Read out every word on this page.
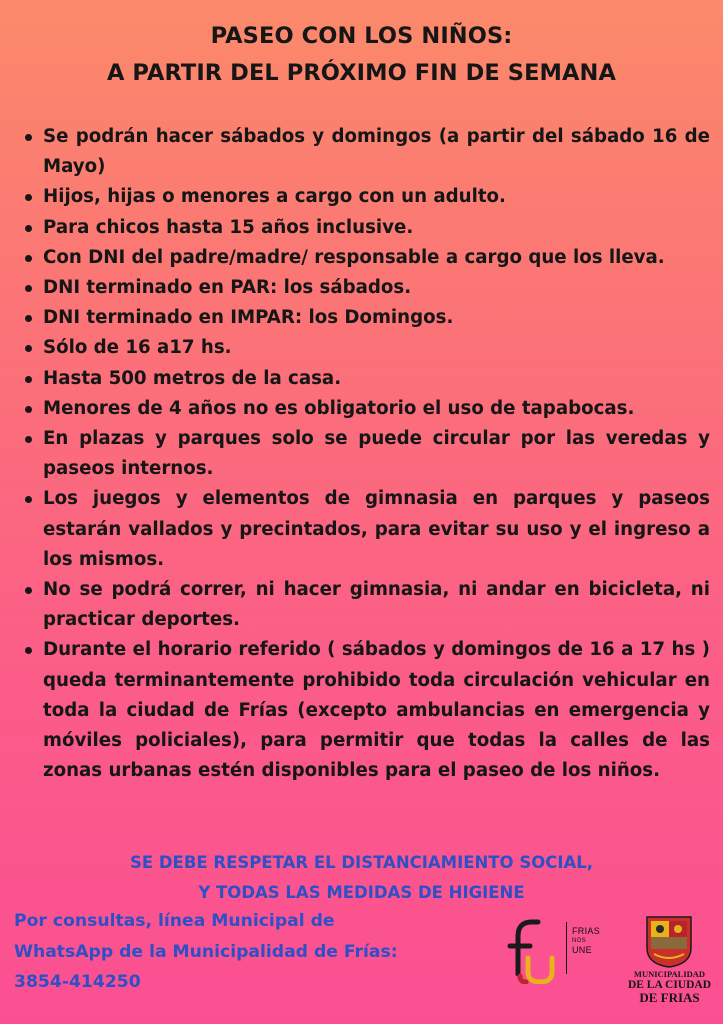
PASEO CON LOS NIÑOS:
A PARTIR DEL PRÓXIMO FIN DE SEMANA
Se podrán hacer sábados y domingos (a partir del sábado 16 de Mayo)
Hijos, hijas o menores a cargo con un adulto.
Para chicos hasta 15 años inclusive.
Con DNI del padre/madre/ responsable a cargo que los lleva.
DNI terminado en PAR: los sábados.
DNI terminado en IMPAR: los Domingos.
Sólo de 16 a17 hs.
Hasta 500 metros de la casa.
Menores de 4 años no es obligatorio el uso de tapabocas.
En plazas y parques solo se puede circular por las veredas y paseos internos.
Los juegos y elementos de gimnasia en parques y paseos estarán vallados y precintados, para evitar su uso y el ingreso a los mismos.
No se podrá correr, ni hacer gimnasia, ni andar en bicicleta, ni practicar deportes.
Durante el horario referido ( sábados y domingos de 16 a 17 hs ) queda terminantemente prohibido toda circulación vehicular en toda la ciudad de Frías (excepto ambulancias en emergencia y móviles policiales), para permitir que todas la calles de las zonas urbanas estén disponibles para el paseo de los niños.
SE DEBE RESPETAR EL DISTANCIAMIENTO SOCIAL,
Y TODAS LAS MEDIDAS DE HIGIENE
Por consultas, línea Municipal de
WhatsApp de la Municipalidad de Frías:
3854-414250
FRIAS
NOS
UNE
MUNICIPALIDAD
DE LA CIUDAD
DE FRIAS
